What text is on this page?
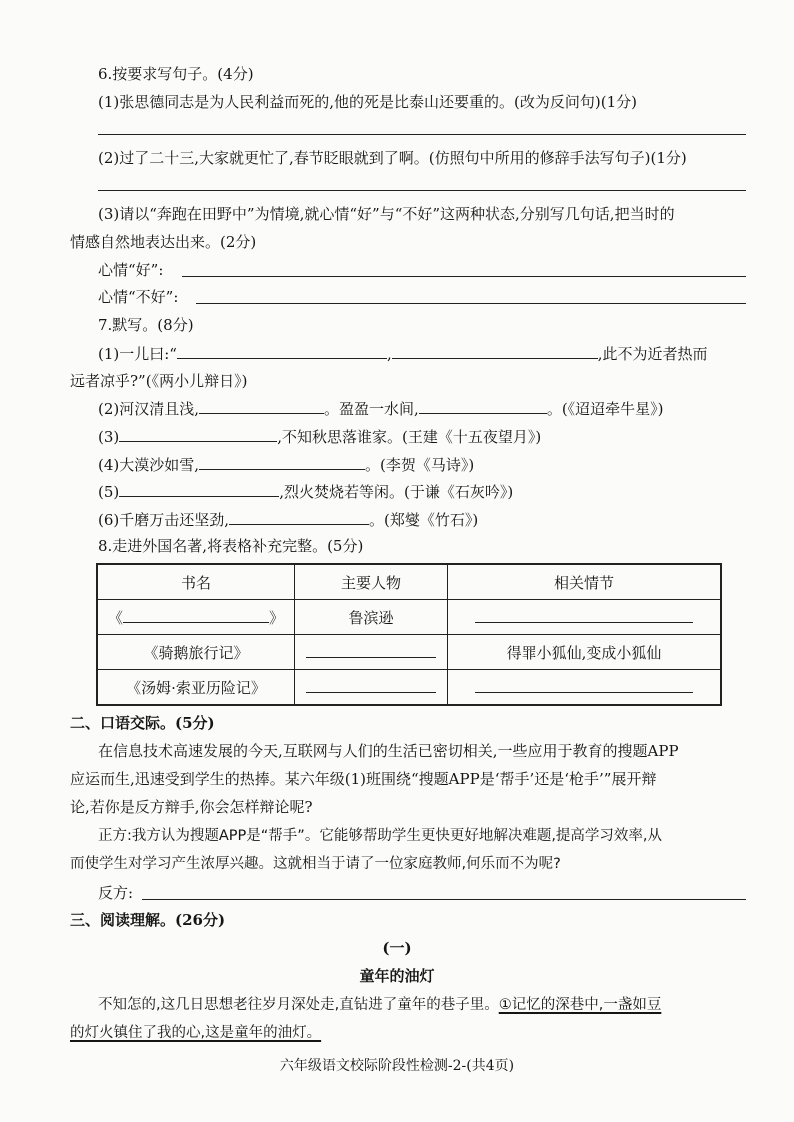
6.按要求写句子。(4分)
(1)张思德同志是为人民利益而死的,他的死是比泰山还要重的。(改为反问句)(1分)
(2)过了二十三,大家就更忙了,春节眨眼就到了啊。(仿照句中所用的修辞手法写句子)(1分)
(3)请以“奔跑在田野中”为情境,就心情“好”与“不好”这两种状态,分别写几句话,把当时的
情感自然地表达出来。(2分)
心情“好”:
心情“不好”:
7.默写。(8分)
(1)一儿曰:“	,	,此不为近者热而
远者凉乎?”(《两小儿辩日》)
(2)河汉清且浅,	。盈盈一水间,	。(《迢迢牵牛星》)
(3)	,不知秋思落谁家。(王建《十五夜望月》)
(4)大漠沙如雪,	。(李贺《马诗》)
(5)	,烈火焚烧若等闲。(于谦《石灰吟》)
(6)千磨万击还坚劲,	。(郑燮《竹石》)
8.走进外国名著,将表格补充完整。(5分)
书名	主要人物	相关情节
《 》	鲁滨逊	
《骑鹅旅行记》		得罪小狐仙,变成小狐仙
《汤姆·索亚历险记》		
二、口语交际。(5分)
在信息技术高速发展的今天,互联网与人们的生活已密切相关,一些应用于教育的搜题APP
应运而生,迅速受到学生的热捧。某六年级(1)班围绕“搜题APP是‘帮手’还是‘枪手’”展开辩
论,若你是反方辩手,你会怎样辩论呢?
正方:我方认为搜题APP是“帮手”。它能够帮助学生更快更好地解决难题,提高学习效率,从
而使学生对学习产生浓厚兴趣。这就相当于请了一位家庭教师,何乐而不为呢?
反方:
三、阅读理解。(26分)
(一)
童年的油灯
不知怎的,这几日思想老往岁月深处走,直钻进了童年的巷子里。①记忆的深巷中,一盏如豆
的灯火镇住了我的心,这是童年的油灯。
六年级语文校际阶段性检测-2-(共4页)
